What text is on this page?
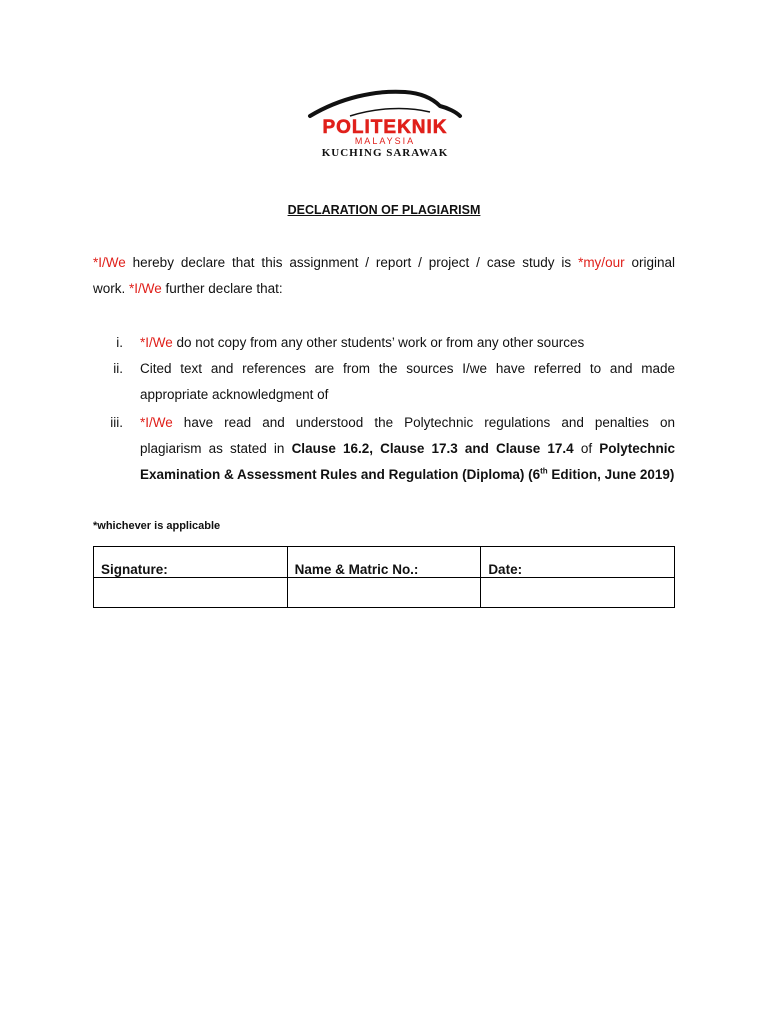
POLITEKNIK
MALAYSIA
KUCHING SARAWAK
DECLARATION OF PLAGIARISM
*I/We hereby declare that this assignment / report / project / case study is *my/our original
work. *I/We further declare that:
i. *I/We do not copy from any other students’ work or from any other sources
ii. Cited text and references are from the sources I/we have referred to and made
appropriate acknowledgment of
iii. *I/We have read and understood the Polytechnic regulations and penalties on
plagiarism as stated in Clause 16.2, Clause 17.3 and Clause 17.4 of Polytechnic
Examination & Assessment Rules and Regulation (Diploma) (6th Edition, June 2019)
*whichever is applicable
Signature:	Name & Matric No.:	Date:
